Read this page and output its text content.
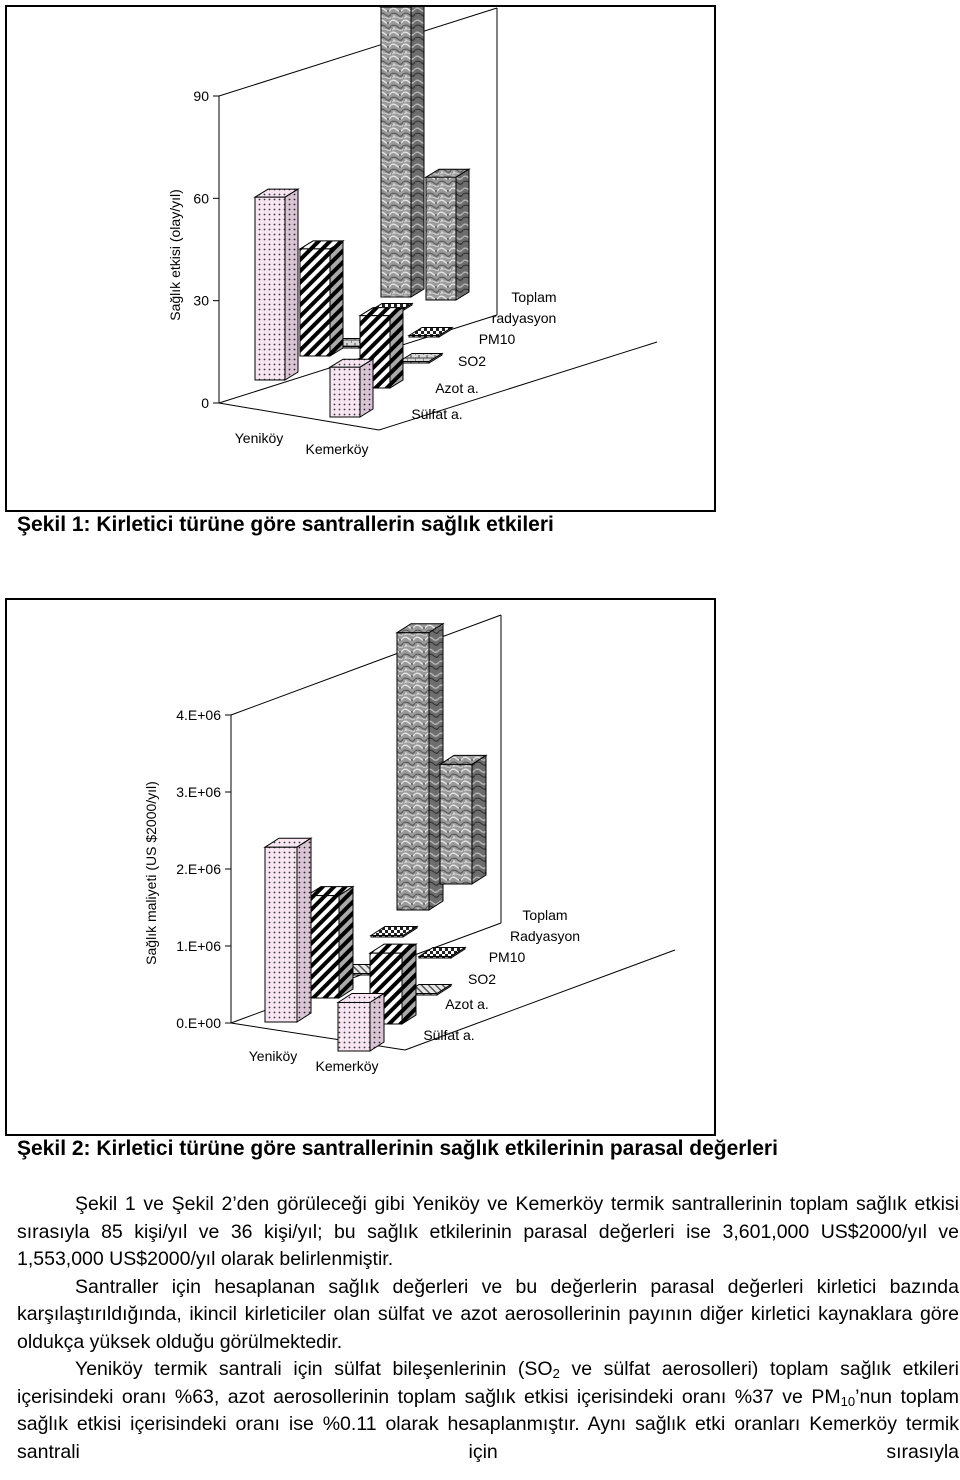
0
30
60
90
Yeniköy
Kemerköy
Sülfat a.
Azot a.
SO2
PM10
Toplam radyasyon
Sağlık etkisi (olay/yıl)
Şekil 1: Kirletici türüne göre santrallerin sağlık etkileri
0.E+00
1.E+06
2.E+06
3.E+06
4.E+06
Yeniköy
Kemerköy
Sülfat a.
Azot a.
SO2
PM10
Toplam Radyasyon
Sağlık maliyeti (US $2000/yıl)
Şekil 2: Kirletici türüne göre santrallerinin sağlık etkilerinin parasal değerleri

Şekil 1 ve Şekil 2’den görüleceği gibi Yeniköy ve Kemerköy termik santrallerinin toplam sağlık etkisi sırasıyla 85 kişi/yıl ve 36 kişi/yıl; bu sağlık etkilerinin parasal değerleri ise 3,601,000 US$2000/yıl ve 1,553,000 US$2000/yıl olarak belirlenmiştir.

Santraller için hesaplanan sağlık değerleri ve bu değerlerin parasal değerleri kirletici bazında karşılaştırıldığında, ikincil kirleticiler olan sülfat ve azot aerosollerinin payının diğer kirletici kaynaklara göre oldukça yüksek olduğu görülmektedir.

Yeniköy termik santrali için sülfat bileşenlerinin ($SO_2$ ve sülfat aerosolleri) toplam sağlık etkileri içerisindeki oranı %63, azot aerosollerinin toplam sağlık etkisi içerisindeki oranı %37 ve $PM_{10}’nun$ toplam sağlık etkisi içerisindeki oranı ise %0.11 olarak hesaplanmıştır. Aynı sağlık etki oranları Kemerköy termik santrali için sırasıyla
